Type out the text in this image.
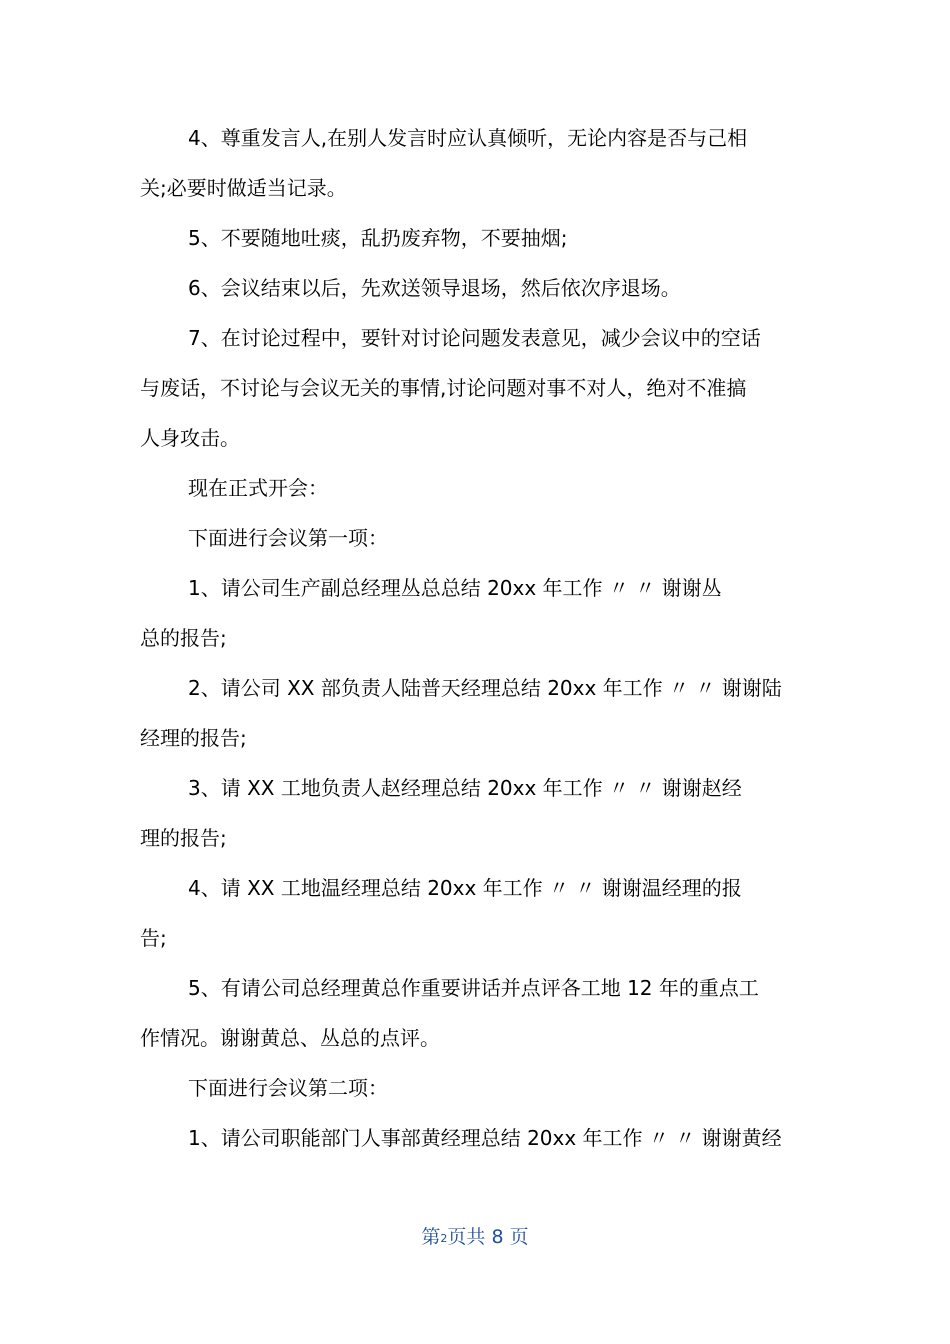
4、尊重发言人,在别人发言时应认真倾听，无论内容是否与己相

关;必要时做适当记录。

5、不要随地吐痰，乱扔废弃物，不要抽烟;

6、会议结束以后，先欢送领导退场，然后依次序退场。

7、在讨论过程中，要针对讨论问题发表意见，减少会议中的空话

与废话，不讨论与会议无关的事情,讨论问题对事不对人，绝对不准搞

人身攻击。

现在正式开会：

下面进行会议第一项：

1、请公司生产副总经理丛总总结 20xx 年工作 〃 〃 谢谢丛

总的报告;

2、请公司 XX 部负责人陆普天经理总结 20xx 年工作 〃 〃 谢谢陆

经理的报告;

3、请 XX 工地负责人赵经理总结 20xx 年工作 〃 〃 谢谢赵经

理的报告;

4、请 XX 工地温经理总结 20xx 年工作 〃 〃 谢谢温经理的报

告;

5、有请公司总经理黄总作重要讲话并点评各工地 12 年的重点工

作情况。谢谢黄总、丛总的点评。

下面进行会议第二项：

1、请公司职能部门人事部黄经理总结 20xx 年工作 〃 〃 谢谢黄经

第2页共 8 页
